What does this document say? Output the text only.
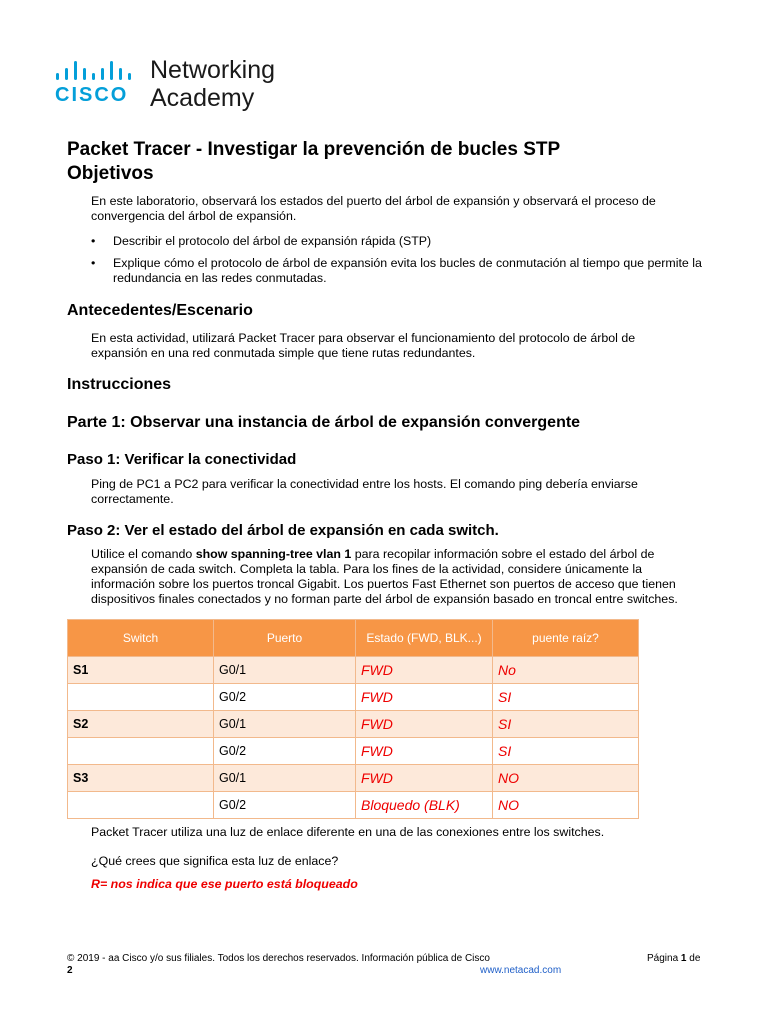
CISCO
Networking
Academy
Packet Tracer - Investigar la prevención de bucles STP
Objetivos
En este laboratorio, observará los estados del puerto del árbol de expansión y observará el proceso de convergencia del árbol de expansión.
• Describir el protocolo del árbol de expansión rápida (STP)
• Explique cómo el protocolo de árbol de expansión evita los bucles de conmutación al tiempo que permite la redundancia en las redes conmutadas.
Antecedentes/Escenario
En esta actividad, utilizará Packet Tracer para observar el funcionamiento del protocolo de árbol de expansión en una red conmutada simple que tiene rutas redundantes.
Instrucciones
Parte 1: Observar una instancia de árbol de expansión convergente
Paso 1: Verificar la conectividad
Ping de PC1 a PC2 para verificar la conectividad entre los hosts. El comando ping debería enviarse correctamente.
Paso 2: Ver el estado del árbol de expansión en cada switch.
Utilice el comando show spanning-tree vlan 1 para recopilar información sobre el estado del árbol de expansión de cada switch. Completa la tabla. Para los fines de la actividad, considere únicamente la información sobre los puertos troncal Gigabit. Los puertos Fast Ethernet son puertos de acceso que tienen dispositivos finales conectados y no forman parte del árbol de expansión basado en troncal entre switches.
Switch	Puerto	Estado (FWD, BLK...)	puente raíz?
S1	G0/1	FWD	No
	G0/2	FWD	SI
S2	G0/1	FWD	SI
	G0/2	FWD	SI
S3	G0/1	FWD	NO
	G0/2	Bloquedo (BLK)	NO
Packet Tracer utiliza una luz de enlace diferente en una de las conexiones entre los switches.
¿Qué crees que significa esta luz de enlace?
R= nos indica que ese puerto está bloqueado
© 2019 - aa Cisco y/o sus filiales. Todos los derechos reservados. Información pública de Cisco
2
Página 1 de
www.netacad.com
